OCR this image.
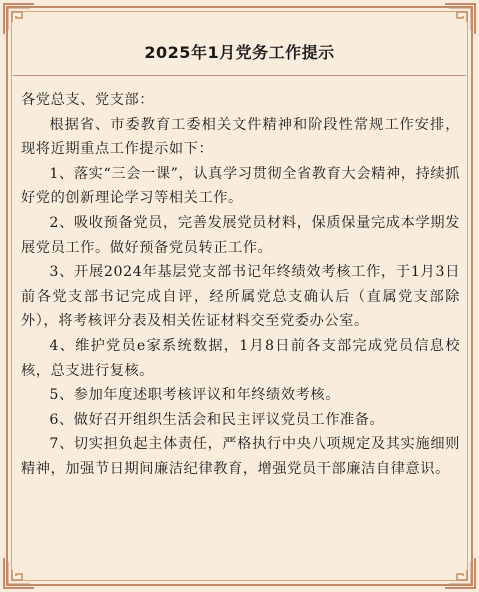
2025年1月党务工作提示

各党总支、党支部：

根据省、市委教育工委相关文件精神和阶段性常规工作安排，现将近期重点工作提示如下：

1、落实“三会一课”，认真学习贯彻全省教育大会精神，持续抓好党的创新理论学习等相关工作。

2、吸收预备党员，完善发展党员材料，保质保量完成本学期发展党员工作。做好预备党员转正工作。

3、开展2024年基层党支部书记年终绩效考核工作，于1月3日前各党支部书记完成自评，经所属党总支确认后（直属党支部除外），将考核评分表及相关佐证材料交至党委办公室。

4、维护党员e家系统数据，1月8日前各支部完成党员信息校核，总支进行复核。

5、参加年度述职考核评议和年终绩效考核。

6、做好召开组织生活会和民主评议党员工作准备。

7、切实担负起主体责任，严格执行中央八项规定及其实施细则精神，加强节日期间廉洁纪律教育，增强党员干部廉洁自律意识。
